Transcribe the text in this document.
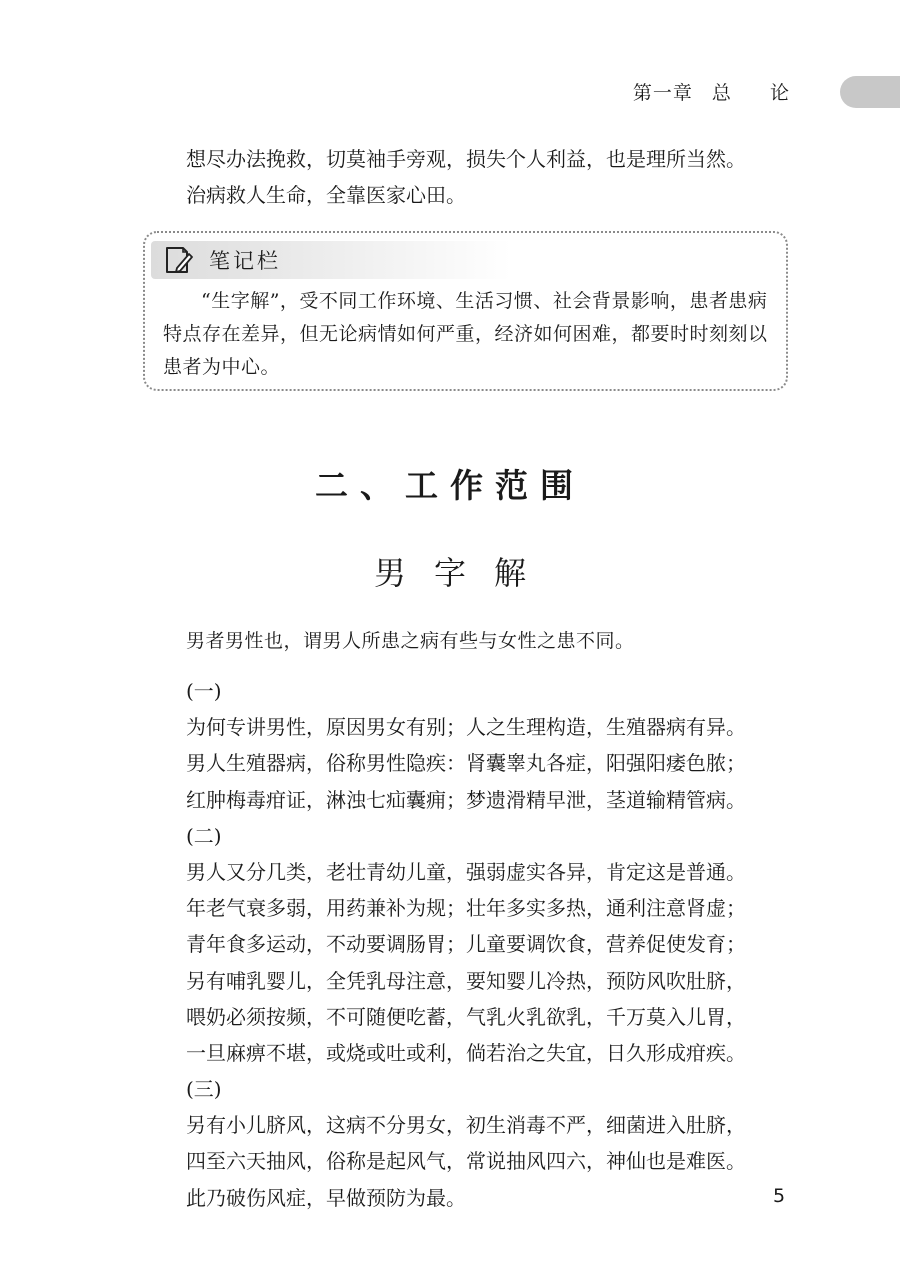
第一章 总  论
想尽办法挽救，切莫袖手旁观，损失个人利益，也是理所当然。
治病救人生命，全靠医家心田。
笔记栏
“生字解”，受不同工作环境、生活习惯、社会背景影响，患者患病
特点存在差异，但无论病情如何严重，经济如何困难，都要时时刻刻以
患者为中心。
二、工作范围
男字解
男者男性也，谓男人所患之病有些与女性之患不同。
(一)
为何专讲男性，原因男女有别；人之生理构造，生殖器病有异。
男人生殖器病，俗称男性隐疾：肾囊睾丸各症，阳强阳痿色脓；
红肿梅毒疳证，淋浊七疝囊痈；梦遗滑精早泄，茎道输精管病。
(二)
男人又分几类，老壮青幼儿童，强弱虚实各异，肯定这是普通。
年老气衰多弱，用药兼补为规；壮年多实多热，通利注意肾虚；
青年食多运动，不动要调肠胃；儿童要调饮食，营养促使发育；
另有哺乳婴儿，全凭乳母注意，要知婴儿冷热，预防风吹肚脐，
喂奶必须按频，不可随便吃蓄，气乳火乳欲乳，千万莫入儿胃，
一旦麻痹不堪，或烧或吐或利，倘若治之失宜，日久形成疳疾。
(三)
另有小儿脐风，这病不分男女，初生消毒不严，细菌进入肚脐，
四至六天抽风，俗称是起风气，常说抽风四六，神仙也是难医。
此乃破伤风症，早做预防为最。	5
